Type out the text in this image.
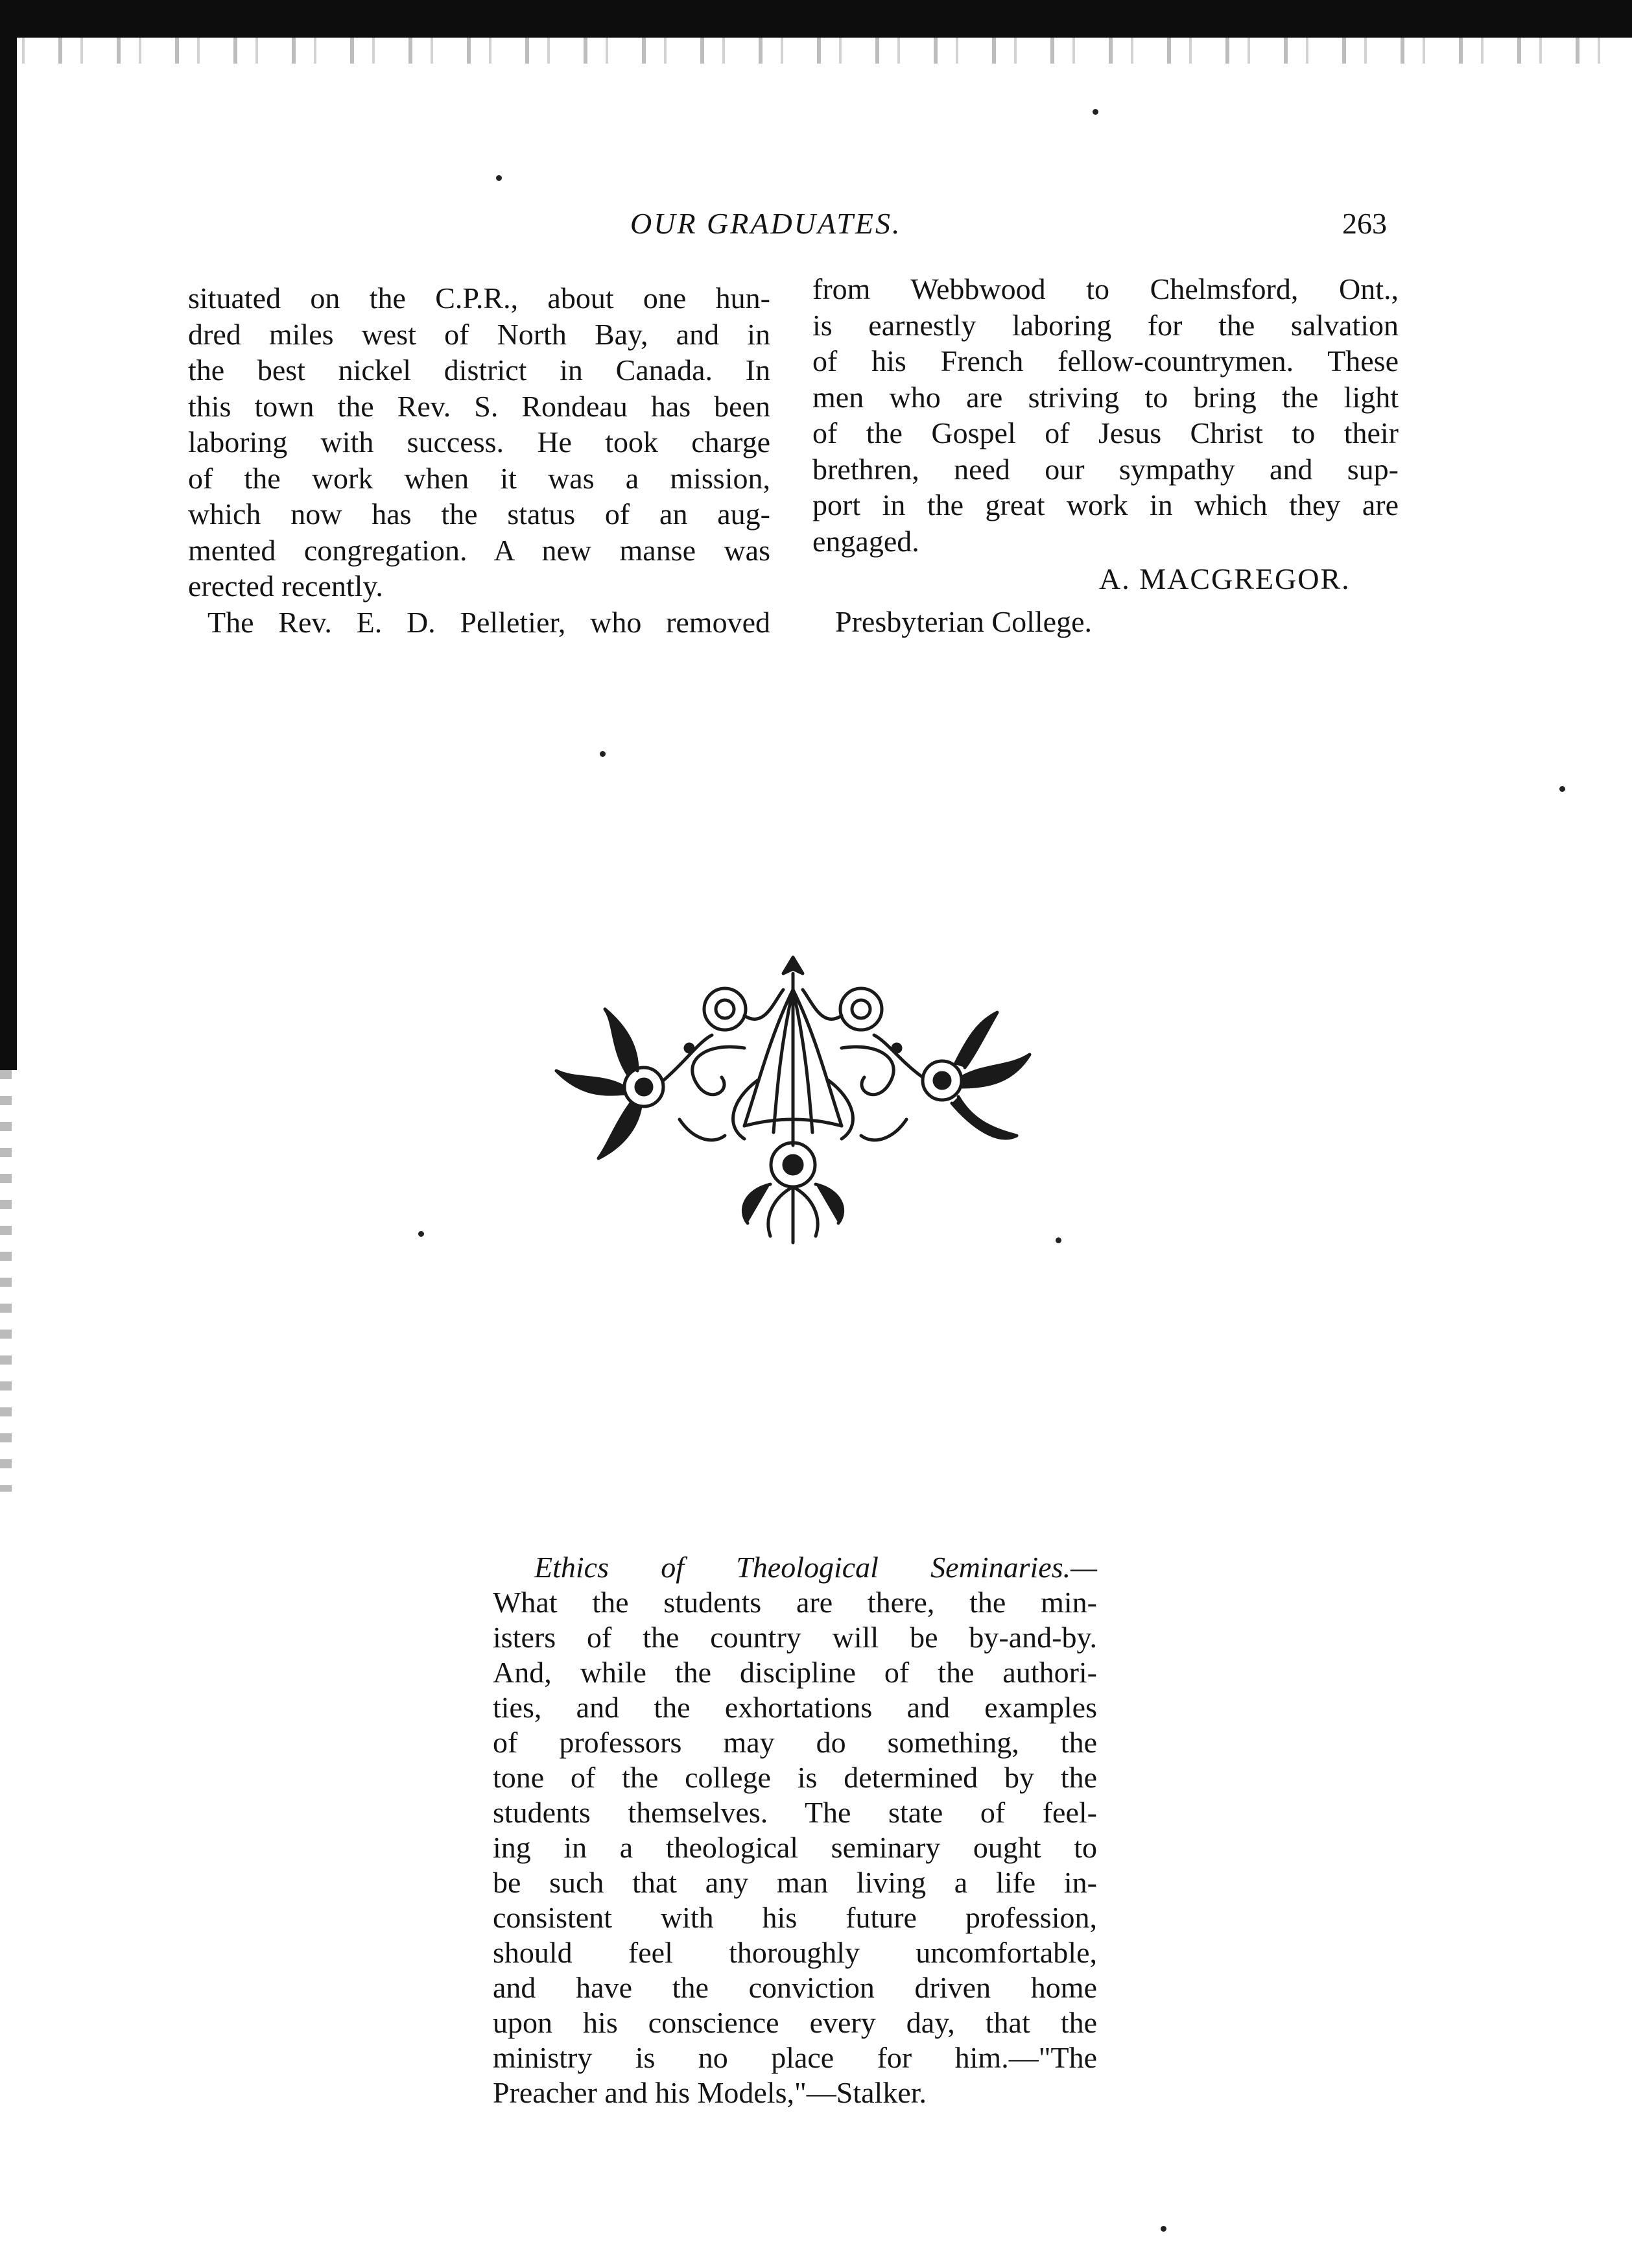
OUR GRADUATES.	263

situated on the C.P.R., about one hun-

dred miles west of North Bay, and in

the best nickel district in Canada. In

this town the Rev. S. Rondeau has been

laboring with success. He took charge

of the work when it was a mission,

which now has the status of an aug-

mented congregation. A new manse was

erected recently.

The Rev. E. D. Pelletier, who removed

from Webbwood to Chelmsford, Ont.,

is earnestly laboring for the salvation

of his French fellow-countrymen. These

men who are striving to bring the light

of the Gospel of Jesus Christ to their

brethren, need our sympathy and sup-

port in the great work in which they are

engaged.

A. MACGREGOR.
Presbyterian College.

Ethics of Theological Seminaries.—

What the students are there, the min-

isters of the country will be by-and-by.

And, while the discipline of the authori-

ties, and the exhortations and examples

of professors may do something, the

tone of the college is determined by the

students themselves. The state of feel-

ing in a theological seminary ought to

be such that any man living a life in-

consistent with his future profession,

should feel thoroughly uncomfortable,

and have the conviction driven home

upon his conscience every day, that the

ministry is no place for him.—"The

Preacher and his Models,"—Stalker.
